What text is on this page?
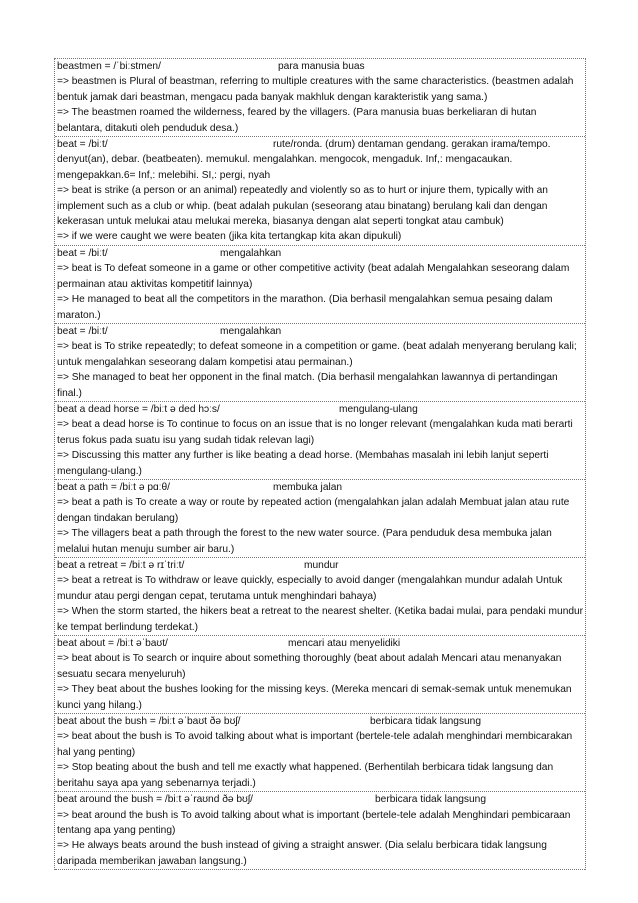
beastmen = /ˈbiːstmen/	para manusia buas
=> beastmen is Plural of beastman, referring to multiple creatures with the same characteristics. (beastmen adalah bentuk jamak dari beastman, mengacu pada banyak makhluk dengan karakteristik yang sama.)
=> The beastmen roamed the wilderness, feared by the villagers. (Para manusia buas berkeliaran di hutan belantara, ditakuti oleh penduduk desa.)
beat = /biːt/	rute/ronda. (drum) dentaman gendang. gerakan irama/tempo.
denyut(an), debar. (beatbeaten). memukul. mengalahkan. mengocok, mengaduk. Inf,: mengacaukan. mengepakkan.6= Inf,: melebihi. SI,: pergi, nyah
=> beat is strike (a person or an animal) repeatedly and violently so as to hurt or injure them, typically with an implement such as a club or whip. (beat adalah pukulan (seseorang atau binatang) berulang kali dan dengan kekerasan untuk melukai atau melukai mereka, biasanya dengan alat seperti tongkat atau cambuk)
=> if we were caught we were beaten (jika kita tertangkap kita akan dipukuli)
beat = /biːt/	mengalahkan
=> beat is To defeat someone in a game or other competitive activity (beat adalah Mengalahkan seseorang dalam permainan atau aktivitas kompetitif lainnya)
=> He managed to beat all the competitors in the marathon. (Dia berhasil mengalahkan semua pesaing dalam maraton.)
beat = /biːt/	mengalahkan
=> beat is To strike repeatedly; to defeat someone in a competition or game. (beat adalah menyerang berulang kali; untuk mengalahkan seseorang dalam kompetisi atau permainan.)
=> She managed to beat her opponent in the final match. (Dia berhasil mengalahkan lawannya di pertandingan final.)
beat a dead horse = /biːt ə ded hɔːs/	mengulang-ulang
=> beat a dead horse is To continue to focus on an issue that is no longer relevant (mengalahkan kuda mati berarti terus fokus pada suatu isu yang sudah tidak relevan lagi)
=> Discussing this matter any further is like beating a dead horse. (Membahas masalah ini lebih lanjut seperti mengulang-ulang.)
beat a path = /biːt ə pɑːθ/	membuka jalan
=> beat a path is To create a way or route by repeated action (mengalahkan jalan adalah Membuat jalan atau rute dengan tindakan berulang)
=> The villagers beat a path through the forest to the new water source. (Para penduduk desa membuka jalan melalui hutan menuju sumber air baru.)
beat a retreat = /biːt ə rɪˈtriːt/	mundur
=> beat a retreat is To withdraw or leave quickly, especially to avoid danger (mengalahkan mundur adalah Untuk mundur atau pergi dengan cepat, terutama untuk menghindari bahaya)
=> When the storm started, the hikers beat a retreat to the nearest shelter. (Ketika badai mulai, para pendaki mundur ke tempat berlindung terdekat.)
beat about = /biːt əˈbaʊt/	mencari atau menyelidiki
=> beat about is To search or inquire about something thoroughly (beat about adalah Mencari atau menanyakan sesuatu secara menyeluruh)
=> They beat about the bushes looking for the missing keys. (Mereka mencari di semak-semak untuk menemukan kunci yang hilang.)
beat about the bush = /biːt əˈbaʊt ðə bʊʃ/	berbicara tidak langsung
=> beat about the bush is To avoid talking about what is important (bertele-tele adalah menghindari membicarakan hal yang penting)
=> Stop beating about the bush and tell me exactly what happened. (Berhentilah berbicara tidak langsung dan beritahu saya apa yang sebenarnya terjadi.)
beat around the bush = /biːt əˈraʊnd ðə bʊʃ/	berbicara tidak langsung
=> beat around the bush is To avoid talking about what is important (bertele-tele adalah Menghindari pembicaraan tentang apa yang penting)
=> He always beats around the bush instead of giving a straight answer. (Dia selalu berbicara tidak langsung daripada memberikan jawaban langsung.)
